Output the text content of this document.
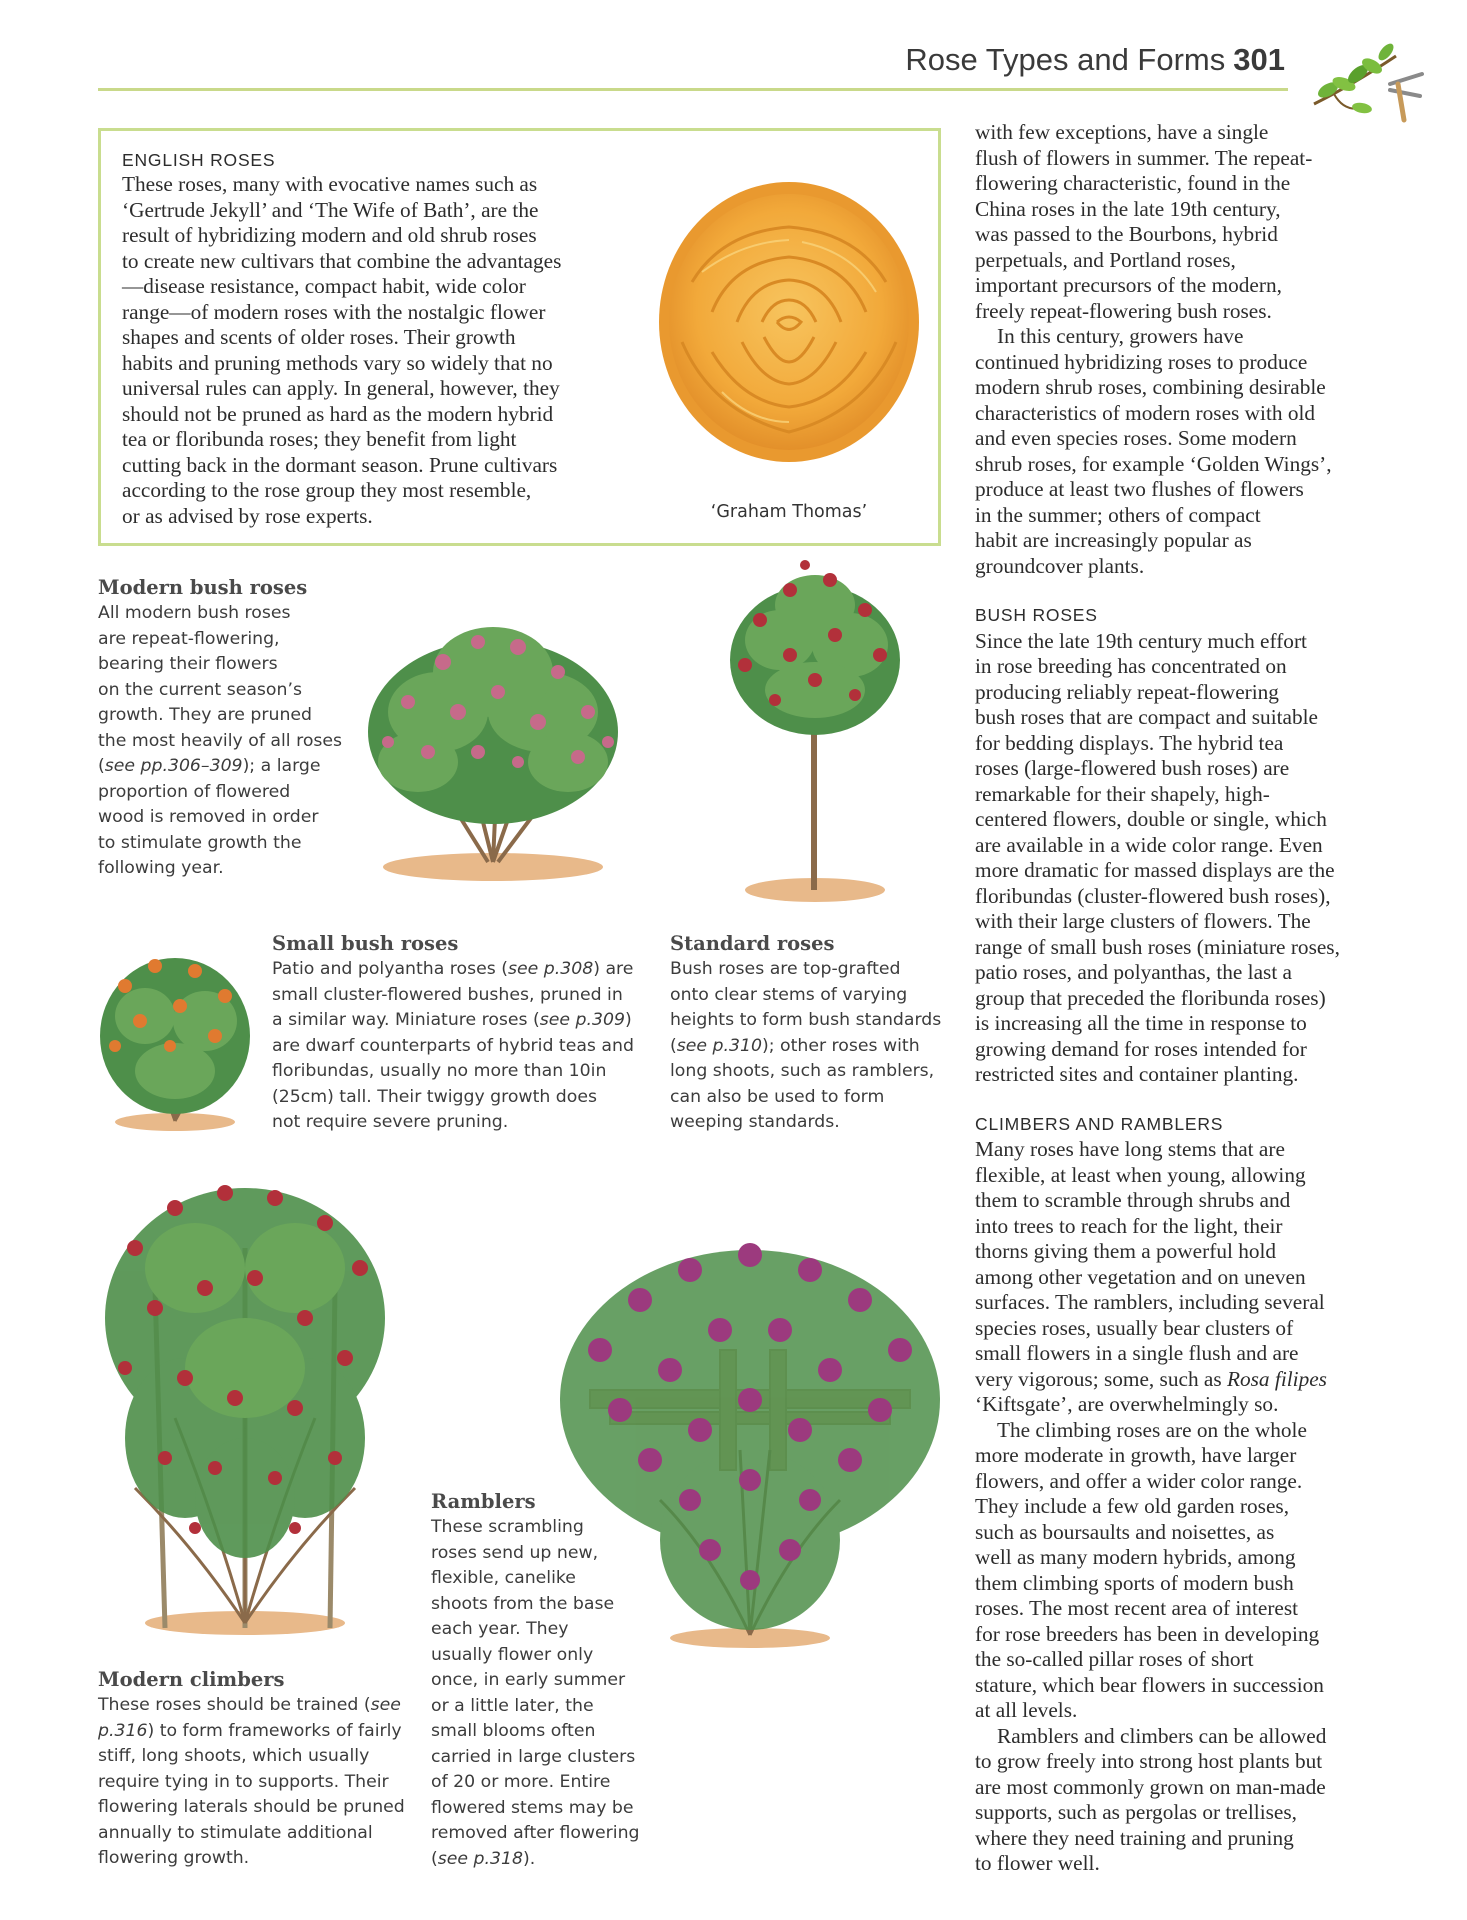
Rose Types and Forms 301
ENGLISH ROSES
These roses, many with evocative names such as
‘Gertrude Jekyll’ and ‘The Wife of Bath’, are the
result of hybridizing modern and old shrub roses
to create new cultivars that combine the advantages
—disease resistance, compact habit, wide color
range—of modern roses with the nostalgic flower
shapes and scents of older roses. Their growth
habits and pruning methods vary so widely that no
universal rules can apply. In general, however, they
should not be pruned as hard as the modern hybrid
tea or floribunda roses; they benefit from light
cutting back in the dormant season. Prune cultivars
according to the rose group they most resemble,
or as advised by rose experts.	‘Graham Thomas’
with few exceptions, have a single
flush of flowers in summer. The repeat-
flowering characteristic, found in the
China roses in the late 19th century,
was passed to the Bourbons, hybrid
perpetuals, and Portland roses,
important precursors of the modern,
freely repeat-flowering bush roses.
In this century, growers have
continued hybridizing roses to produce
modern shrub roses, combining desirable
characteristics of modern roses with old
and even species roses. Some modern
shrub roses, for example ‘Golden Wings’,
produce at least two flushes of flowers
in the summer; others of compact
habit are increasingly popular as
groundcover plants.
BUSH ROSES
Since the late 19th century much effort
in rose breeding has concentrated on
producing reliably repeat-flowering
bush roses that are compact and suitable
for bedding displays. The hybrid tea
roses (large-flowered bush roses) are
remarkable for their shapely, high-
centered flowers, double or single, which
are available in a wide color range. Even
more dramatic for massed displays are the
floribundas (cluster-flowered bush roses),
with their large clusters of flowers. The
range of small bush roses (miniature roses,
patio roses, and polyanthas, the last a
group that preceded the floribunda roses)
is increasing all the time in response to
growing demand for roses intended for
restricted sites and container planting.
CLIMBERS AND RAMBLERS
Many roses have long stems that are
flexible, at least when young, allowing
them to scramble through shrubs and
into trees to reach for the light, their
thorns giving them a powerful hold
among other vegetation and on uneven
surfaces. The ramblers, including several
species roses, usually bear clusters of
small flowers in a single flush and are
very vigorous; some, such as Rosa filipes
‘Kiftsgate’, are overwhelmingly so.
The climbing roses are on the whole
more moderate in growth, have larger
flowers, and offer a wider color range.
They include a few old garden roses,
such as boursaults and noisettes, as
well as many modern hybrids, among
them climbing sports of modern bush
roses. The most recent area of interest
for rose breeders has been in developing
the so-called pillar roses of short
stature, which bear flowers in succession
at all levels.
Ramblers and climbers can be allowed
to grow freely into strong host plants but
are most commonly grown on man-made
supports, such as pergolas or trellises,
where they need training and pruning
to flower well.
Modern bush roses
All modern bush roses
are repeat-flowering,
bearing their flowers
on the current season’s
growth. They are pruned
the most heavily of all roses
(see pp.306–309); a large
proportion of flowered
wood is removed in order
to stimulate growth the
following year.
Small bush roses
Patio and polyantha roses (see p.308) are
small cluster-flowered bushes, pruned in
a similar way. Miniature roses (see p.309)
are dwarf counterparts of hybrid teas and
floribundas, usually no more than 10in
(25cm) tall. Their twiggy growth does
not require severe pruning.
Standard roses
Bush roses are top-grafted
onto clear stems of varying
heights to form bush standards
(see p.310); other roses with
long shoots, such as ramblers,
can also be used to form
weeping standards.
Ramblers
These scrambling
roses send up new,
flexible, canelike
shoots from the base
each year. They
usually flower only
once, in early summer
or a little later, the
small blooms often
carried in large clusters
of 20 or more. Entire
flowered stems may be
removed after flowering
(see p.318).
Modern climbers
These roses should be trained (see
p.316) to form frameworks of fairly
stiff, long shoots, which usually
require tying in to supports. Their
flowering laterals should be pruned
annually to stimulate additional
flowering growth.
